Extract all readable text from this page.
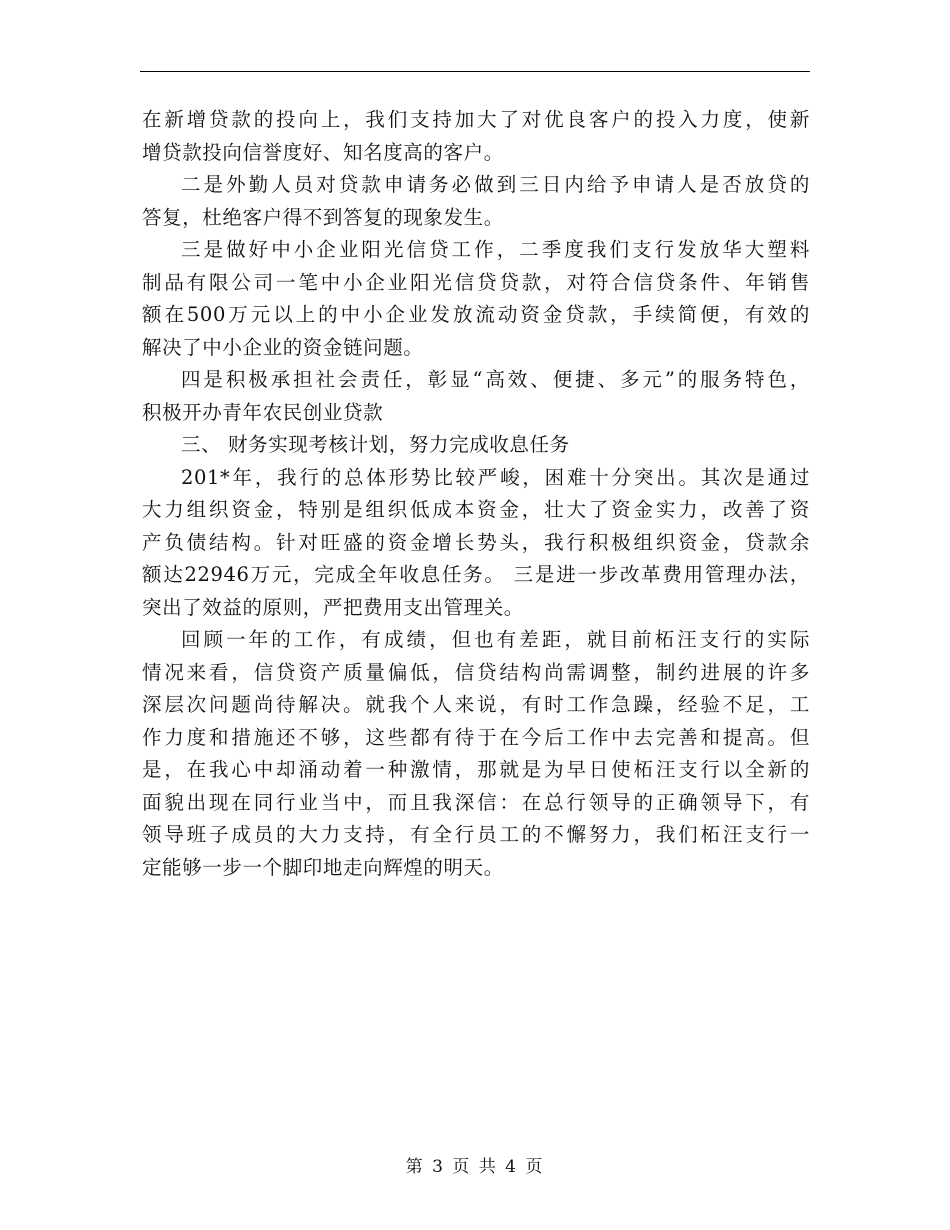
在新增贷款的投向上，我们支持加大了对优良客户的投入力度，使新
增贷款投向信誉度好、知名度高的客户。
二是外勤人员对贷款申请务必做到三日内给予申请人是否放贷的
答复，杜绝客户得不到答复的现象发生。
三是做好中小企业阳光信贷工作，二季度我们支行发放华大塑料
制品有限公司一笔中小企业阳光信贷贷款，对符合信贷条件、年销售
额在500万元以上的中小企业发放流动资金贷款，手续简便，有效的
解决了中小企业的资金链问题。
四是积极承担社会责任，彰显“高效、便捷、多元”的服务特色，
积极开办青年农民创业贷款
三、 财务实现考核计划，努力完成收息任务
201*年，我行的总体形势比较严峻，困难十分突出。其次是通过
大力组织资金，特别是组织低成本资金，壮大了资金实力，改善了资
产负债结构。针对旺盛的资金增长势头，我行积极组织资金，贷款余
额达22946万元，完成全年收息任务。 三是进一步改革费用管理办法，
突出了效益的原则，严把费用支出管理关。
回顾一年的工作，有成绩，但也有差距，就目前柘汪支行的实际
情况来看，信贷资产质量偏低，信贷结构尚需调整，制约进展的许多
深层次问题尚待解决。就我个人来说，有时工作急躁，经验不足，工
作力度和措施还不够，这些都有待于在今后工作中去完善和提高。但
是，在我心中却涌动着一种激情，那就是为早日使柘汪支行以全新的
面貌出现在同行业当中，而且我深信：在总行领导的正确领导下，有
领导班子成员的大力支持，有全行员工的不懈努力，我们柘汪支行一
定能够一步一个脚印地走向辉煌的明天。
第 3 页 共 4 页
